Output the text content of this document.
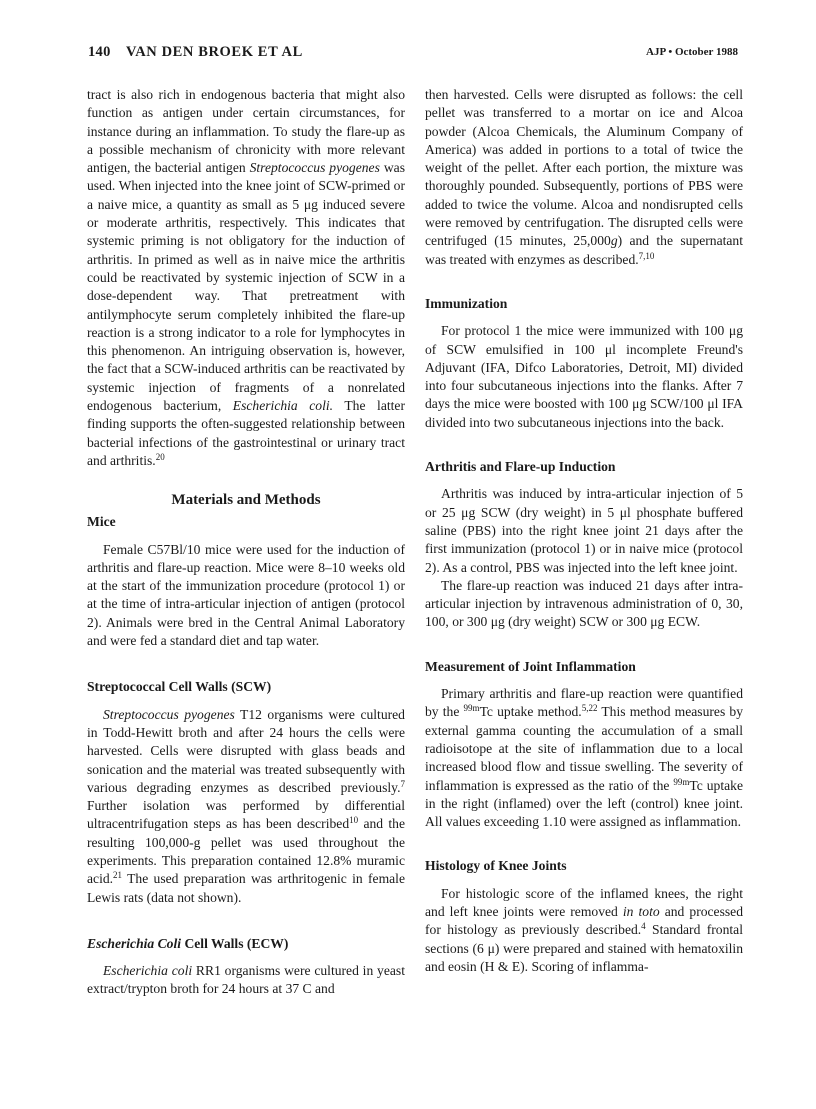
140 VAN DEN BROEK ET AL	AJP • October 1988

tract is also rich in endogenous bacteria that might also function as antigen under certain circumstances, for instance during an inflammation. To study the flare-up as a possible mechanism of chronicity with more relevant antigen, the bacterial antigen Streptococcus pyogenes was used. When injected into the knee joint of SCW-primed or a naive mice, a quantity as small as 5 μg induced severe or moderate arthritis, respectively. This indicates that systemic priming is not obligatory for the induction of arthritis. In primed as well as in naive mice the arthritis could be reactivated by systemic injection of SCW in a dose-dependent way. That pretreatment with antilymphocyte serum completely inhibited the flare-up reaction is a strong indicator to a role for lymphocytes in this phenomenon. An intriguing observation is, however, the fact that a SCW-induced arthritis can be reactivated by systemic injection of fragments of a nonrelated endogenous bacterium, Escherichia coli. The latter finding supports the often-suggested relationship between bacterial infections of the gastrointestinal or urinary tract and arthritis.$^{20}$

Materials and Methods
Mice

Female C57Bl/10 mice were used for the induction of arthritis and flare-up reaction. Mice were 8–10 weeks old at the start of the immunization procedure (protocol 1) or at the time of intra-articular injection of antigen (protocol 2). Animals were bred in the Central Animal Laboratory and were fed a standard diet and tap water.

Streptococcal Cell Walls (SCW)

Streptococcus pyogenes T12 organisms were cultured in Todd-Hewitt broth and after 24 hours the cells were harvested. Cells were disrupted with glass beads and sonication and the material was treated subsequently with various degrading enzymes as described previously.$^7$ Further isolation was performed by differential ultracentrifugation steps as has been described$^{10}$ and the resulting 100,000-g pellet was used throughout the experiments. This preparation contained 12.8% muramic acid.$^{21}$ The used preparation was arthritogenic in female Lewis rats (data not shown).

Escherichia Coli Cell Walls (ECW)

Escherichia coli RR1 organisms were cultured in yeast extract/trypton broth for 24 hours at 37 C and

then harvested. Cells were disrupted as follows: the cell pellet was transferred to a mortar on ice and Alcoa powder (Alcoa Chemicals, the Aluminum Company of America) was added in portions to a total of twice the weight of the pellet. After each portion, the mixture was thoroughly pounded. Subsequently, portions of PBS were added to twice the volume. Alcoa and nondisrupted cells were removed by centrifugation. The disrupted cells were centrifuged (15 minutes, 25,000g) and the supernatant was treated with enzymes as described.$^{7,10}$

Immunization

For protocol 1 the mice were immunized with 100 μg of SCW emulsified in 100 μl incomplete Freund's Adjuvant (IFA, Difco Laboratories, Detroit, MI) divided into four subcutaneous injections into the flanks. After 7 days the mice were boosted with 100 μg SCW/100 μl IFA divided into two subcutaneous injections into the back.

Arthritis and Flare-up Induction

Arthritis was induced by intra-articular injection of 5 or 25 μg SCW (dry weight) in 5 μl phosphate buffered saline (PBS) into the right knee joint 21 days after the first immunization (protocol 1) or in naive mice (protocol 2). As a control, PBS was injected into the left knee joint.

The flare-up reaction was induced 21 days after intra-articular injection by intravenous administration of 0, 30, 100, or 300 μg (dry weight) SCW or 300 μg ECW.

Measurement of Joint Inflammation

Primary arthritis and flare-up reaction were quantified by the $^{99m}$Tc uptake method.$^{5,22}$ This method measures by external gamma counting the accumulation of a small radioisotope at the site of inflammation due to a local increased blood flow and tissue swelling. The severity of inflammation is expressed as the ratio of the $^{99m}$Tc uptake in the right (inflamed) over the left (control) knee joint. All values exceeding 1.10 were assigned as inflammation.

Histology of Knee Joints

For histologic score of the inflamed knees, the right and left knee joints were removed in toto and processed for histology as previously described.$^4$ Standard frontal sections (6 μ) were prepared and stained with hematoxilin and eosin (H & E). Scoring of inflamma-
